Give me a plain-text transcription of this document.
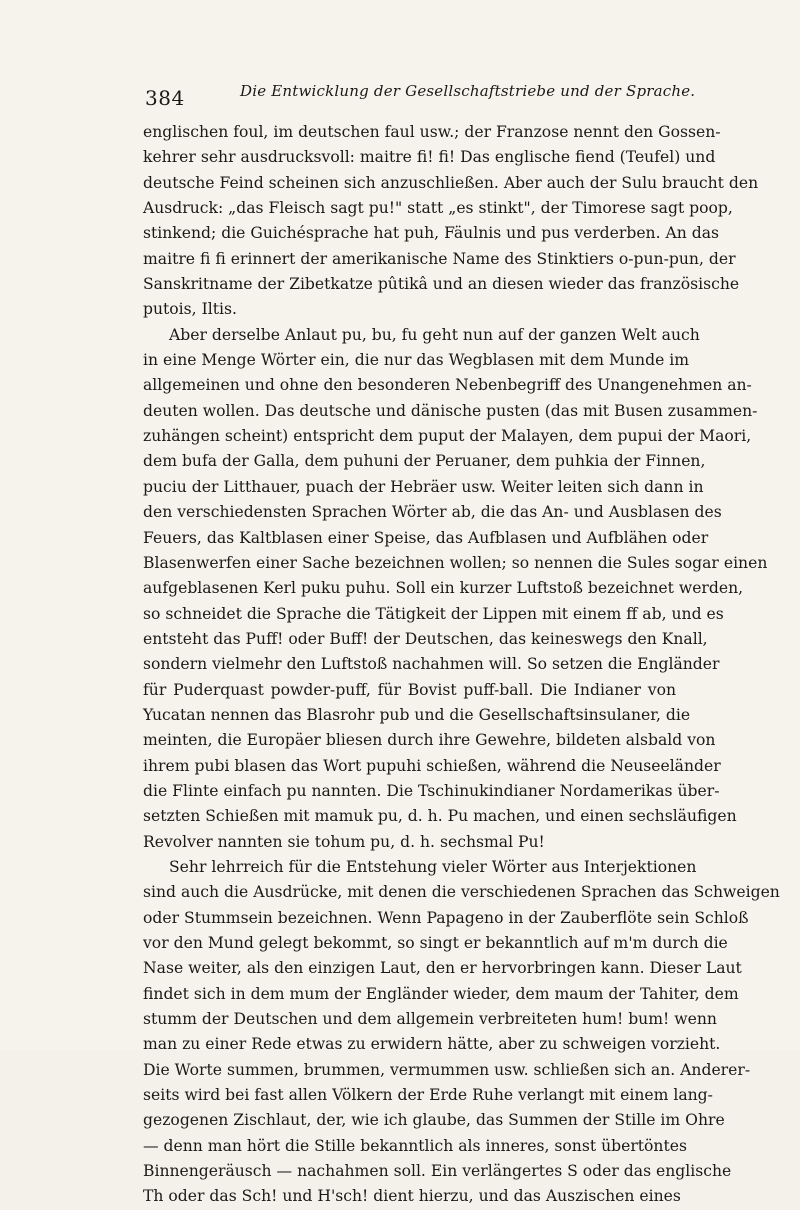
384	Die Entwicklung der Gesellschaftstriebe und der Sprache.
englischen foul, im deutschen faul usw.; der Franzose nennt den Gossen-
kehrer sehr ausdrucksvoll: maitre fi! fi! Das englische fiend (Teufel) und
deutsche Feind scheinen sich anzuschließen. Aber auch der Sulu braucht den
Ausdruck: „das Fleisch sagt pu!" statt „es stinkt", der Timorese sagt poop,
stinkend; die Guichésprache hat puh, Fäulnis und pus verderben. An das
maitre fi fi erinnert der amerikanische Name des Stinktiers o-pun-pun, der
Sanskritname der Zibetkatze pûtikâ und an diesen wieder das französische
putois, Iltis.
Aber derselbe Anlaut pu, bu, fu geht nun auf der ganzen Welt auch
in eine Menge Wörter ein, die nur das Wegblasen mit dem Munde im
allgemeinen und ohne den besonderen Nebenbegriff des Unangenehmen an-
deuten wollen. Das deutsche und dänische pusten (das mit Busen zusammen-
zuhängen scheint) entspricht dem puput der Malayen, dem pupui der Maori,
dem bufa der Galla, dem puhuni der Peruaner, dem puhkia der Finnen,
puciu der Litthauer, puach der Hebräer usw. Weiter leiten sich dann in
den verschiedensten Sprachen Wörter ab, die das An- und Ausblasen des
Feuers, das Kaltblasen einer Speise, das Aufblasen und Aufblähen oder
Blasenwerfen einer Sache bezeichnen wollen; so nennen die Sules sogar einen
aufgeblasenen Kerl puku puhu. Soll ein kurzer Luftstoß bezeichnet werden,
so schneidet die Sprache die Tätigkeit der Lippen mit einem ff ab, und es
entsteht das Puff! oder Buff! der Deutschen, das keineswegs den Knall,
sondern vielmehr den Luftstoß nachahmen will. So setzen die Engländer
für Puderquast powder-puff, für Bovist puff-ball. Die Indianer von
Yucatan nennen das Blasrohr pub und die Gesellschaftsinsulaner, die
meinten, die Europäer bliesen durch ihre Gewehre, bildeten alsbald von
ihrem pubi blasen das Wort pupuhi schießen, während die Neuseeländer
die Flinte einfach pu nannten. Die Tschinukindianer Nordamerikas über-
setzten Schießen mit mamuk pu, d. h. Pu machen, und einen sechsläufigen
Revolver nannten sie tohum pu, d. h. sechsmal Pu!
Sehr lehrreich für die Entstehung vieler Wörter aus Interjektionen
sind auch die Ausdrücke, mit denen die verschiedenen Sprachen das Schweigen
oder Stummsein bezeichnen. Wenn Papageno in der Zauberflöte sein Schloß
vor den Mund gelegt bekommt, so singt er bekanntlich auf m'm durch die
Nase weiter, als den einzigen Laut, den er hervorbringen kann. Dieser Laut
findet sich in dem mum der Engländer wieder, dem maum der Tahiter, dem
stumm der Deutschen und dem allgemein verbreiteten hum! bum! wenn
man zu einer Rede etwas zu erwidern hätte, aber zu schweigen vorzieht.
Die Worte summen, brummen, vermummen usw. schließen sich an. Anderer-
seits wird bei fast allen Völkern der Erde Ruhe verlangt mit einem lang-
gezogenen Zischlaut, der, wie ich glaube, das Summen der Stille im Ohre
— denn man hört die Stille bekanntlich als inneres, sonst übertöntes
Binnengeräusch — nachahmen soll. Ein verlängertes S oder das englische
Th oder das Sch! und H'sch! dient hierzu, und das Auszischen eines
